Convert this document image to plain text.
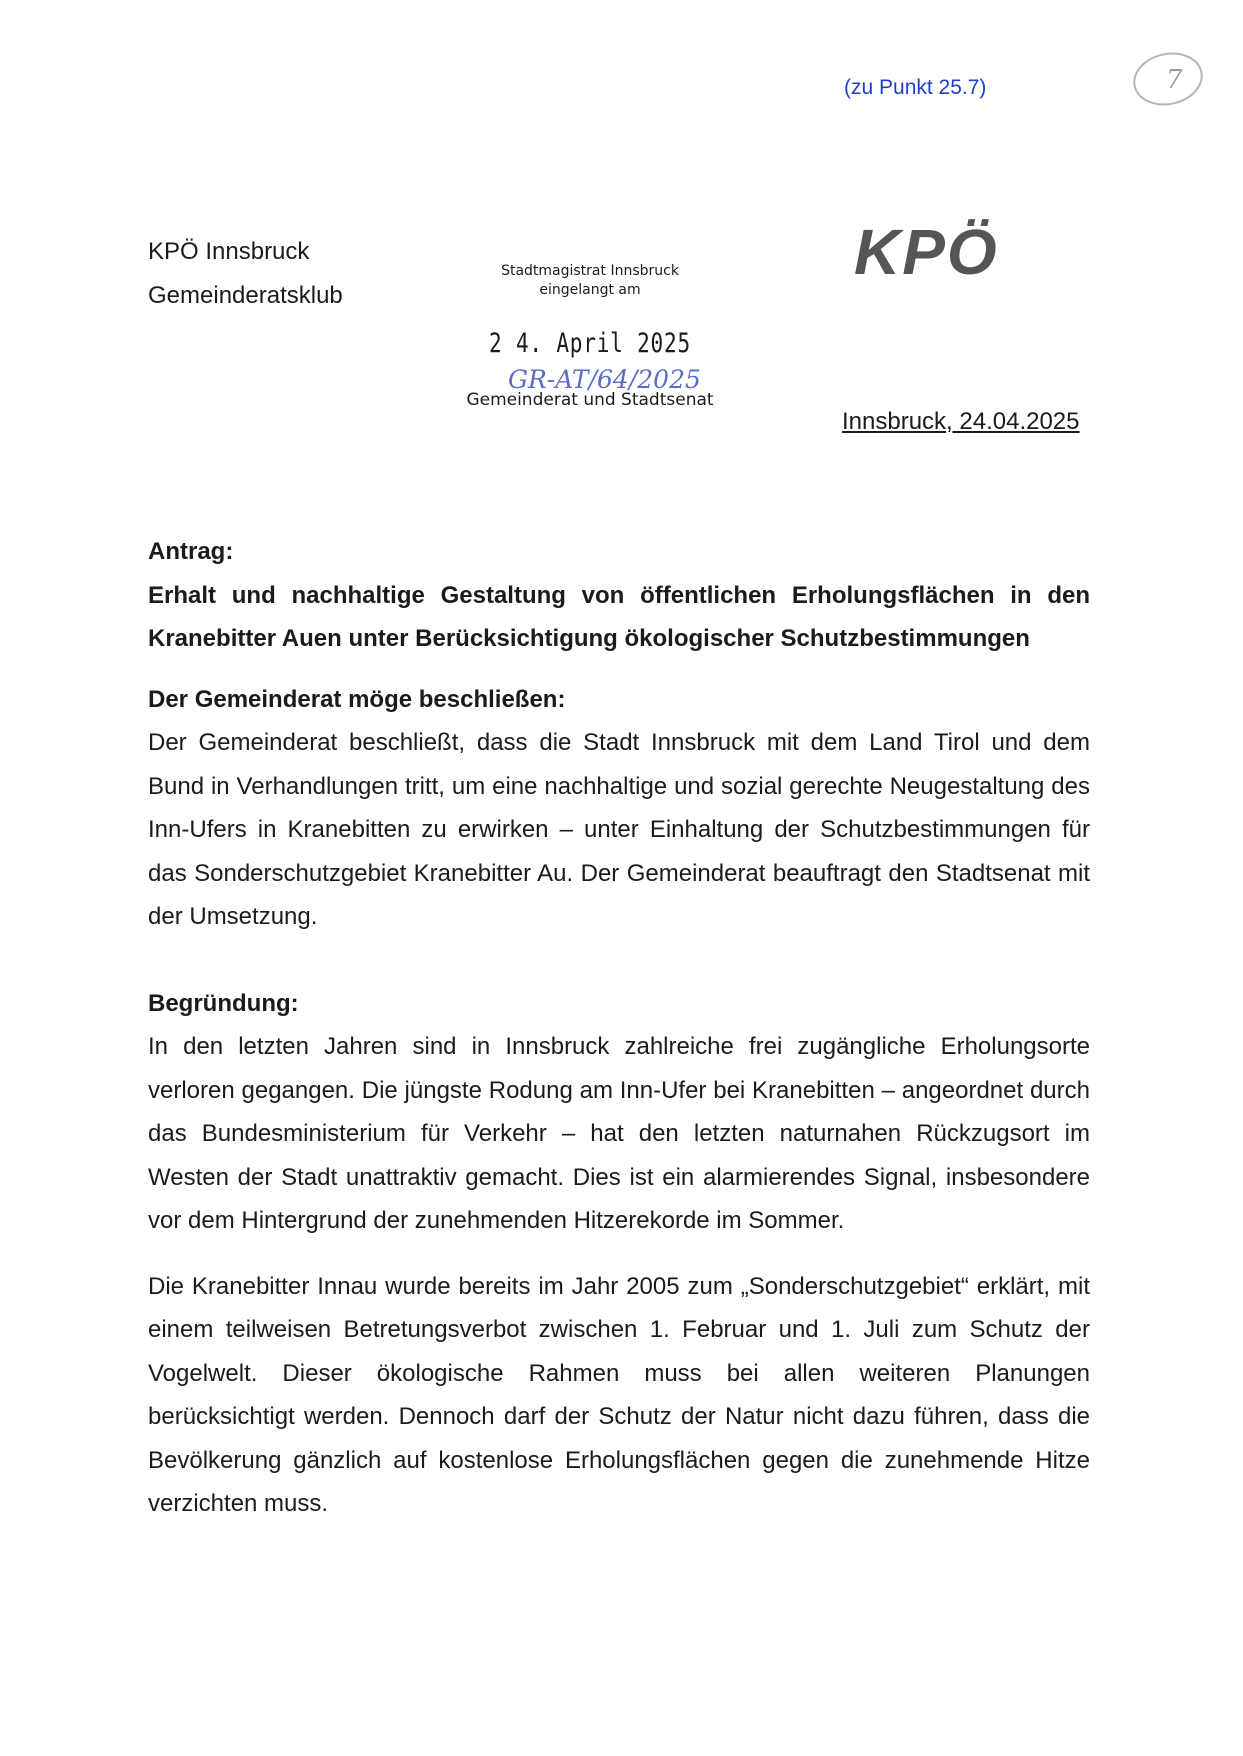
(zu Punkt 25.7)	7
KPÖ Innsbruck
Gemeinderatsklub
Stadtmagistrat Innsbruck
eingelangt am
2 4. April 2025
GR-AT/64/2025
Gemeinderat und Stadtsenat
KPÖ
Innsbruck, 24.04.2025
Antrag:
Erhalt und nachhaltige Gestaltung von öffentlichen Erholungsflächen in den Kranebitter Auen unter Berücksichtigung ökologischer Schutzbestimmungen
Der Gemeinderat möge beschließen:

Der Gemeinderat beschließt, dass die Stadt Innsbruck mit dem Land Tirol und dem Bund in Verhandlungen tritt, um eine nachhaltige und sozial gerechte Neugestaltung des Inn-Ufers in Kranebitten zu erwirken – unter Einhaltung der Schutzbestimmungen für das Sonderschutzgebiet Kranebitter Au. Der Gemeinderat beauftragt den Stadtsenat mit der Umsetzung.

Begründung:

In den letzten Jahren sind in Innsbruck zahlreiche frei zugängliche Erholungsorte verloren gegangen. Die jüngste Rodung am Inn-Ufer bei Kranebitten – angeordnet durch das Bundesministerium für Verkehr – hat den letzten naturnahen Rückzugsort im Westen der Stadt unattraktiv gemacht. Dies ist ein alarmierendes Signal, insbesondere vor dem Hintergrund der zunehmenden Hitzerekorde im Sommer.

Die Kranebitter Innau wurde bereits im Jahr 2005 zum „Sonderschutzgebiet“ erklärt, mit einem teilweisen Betretungsverbot zwischen 1. Februar und 1. Juli zum Schutz der Vogelwelt. Dieser ökologische Rahmen muss bei allen weiteren Planungen berücksichtigt werden. Dennoch darf der Schutz der Natur nicht dazu führen, dass die Bevölkerung gänzlich auf kostenlose Erholungsflächen gegen die zunehmende Hitze verzichten muss.
